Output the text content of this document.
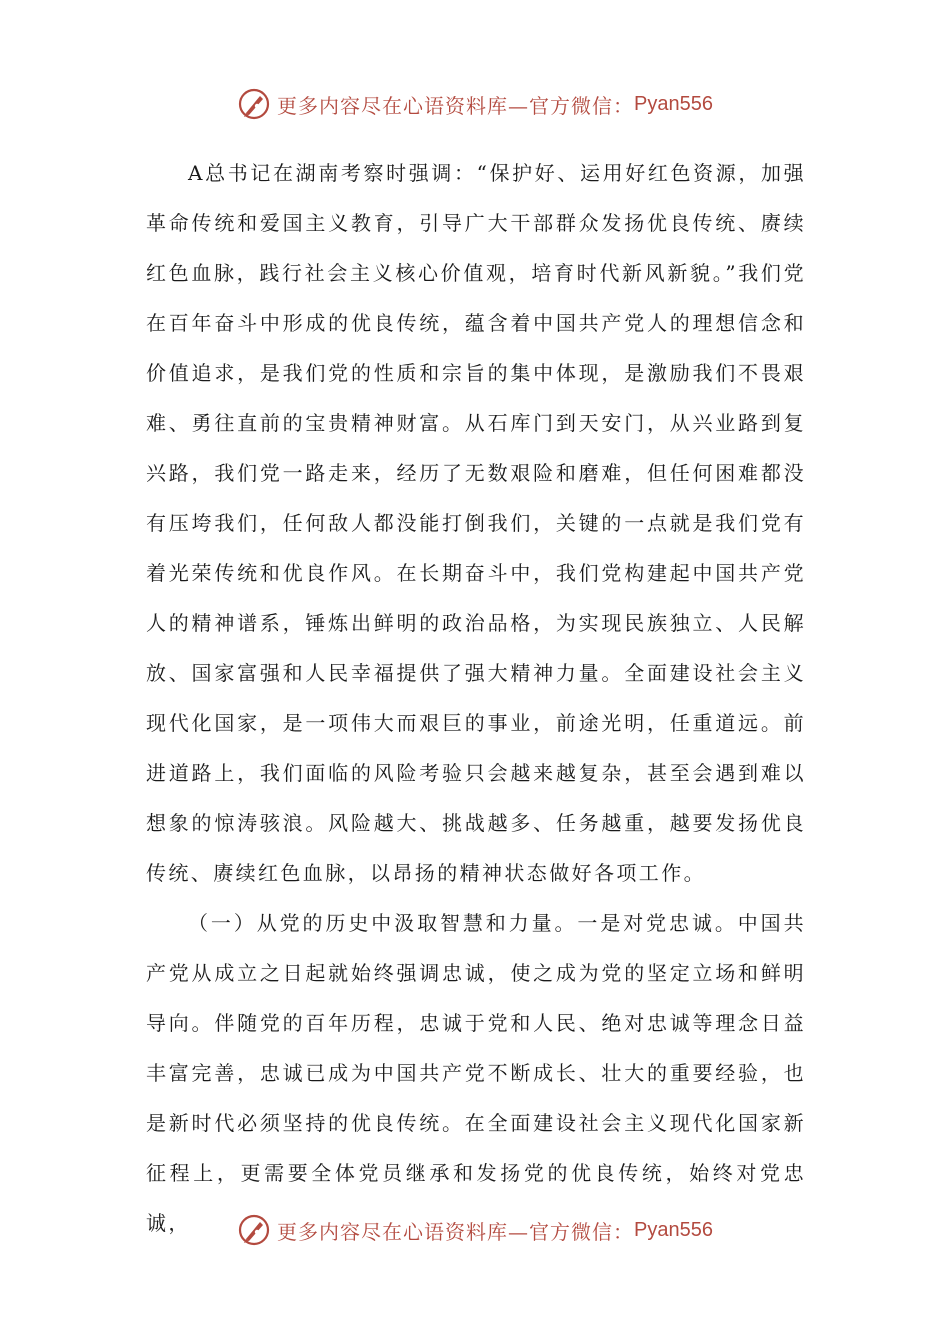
更多内容尽在心语资料库—官方微信： Pyan556

A总书记在湖南考察时强调：“保护好、运用好红色资源，加强革命传统和爱国主义教育，引导广大干部群众发扬优良传统、赓续红色血脉，践行社会主义核心价值观，培育时代新风新貌。”我们党在百年奋斗中形成的优良传统，蕴含着中国共产党人的理想信念和价值追求，是我们党的性质和宗旨的集中体现，是激励我们不畏艰难、勇往直前的宝贵精神财富。从石库门到天安门，从兴业路到复兴路，我们党一路走来，经历了无数艰险和磨难，但任何困难都没有压垮我们，任何敌人都没能打倒我们，关键的一点就是我们党有着光荣传统和优良作风。在长期奋斗中，我们党构建起中国共产党人的精神谱系，锤炼出鲜明的政治品格，为实现民族独立、人民解放、国家富强和人民幸福提供了强大精神力量。全面建设社会主义现代化国家，是一项伟大而艰巨的事业，前途光明，任重道远。前进道路上，我们面临的风险考验只会越来越复杂，甚至会遇到难以想象的惊涛骇浪。风险越大、挑战越多、任务越重，越要发扬优良传统、赓续红色血脉，以昂扬的精神状态做好各项工作。

（一）从党的历史中汲取智慧和力量。一是对党忠诚。中国共产党从成立之日起就始终强调忠诚，使之成为党的坚定立场和鲜明导向。伴随党的百年历程，忠诚于党和人民、绝对忠诚等理念日益丰富完善，忠诚已成为中国共产党不断成长、壮大的重要经验，也是新时代必须坚持的优良传统。在全面建设社会主义现代化国家新征程上，更需要全体党员继承和发扬党的优良传统，始终对党忠诚，	更多内容尽在心语资料库—官方微信： Pyan556
